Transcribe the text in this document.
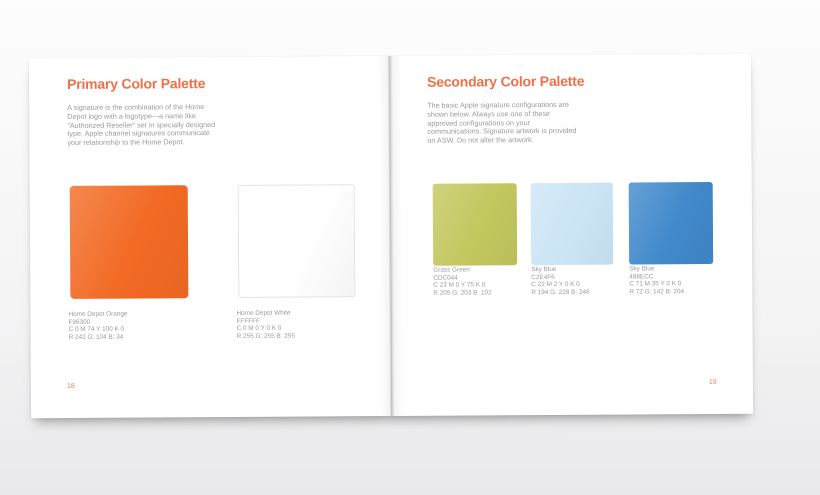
Primary Color Palette

A signature is the combination of the Home Depot logo with a logotype—a name like "Authorized Reseller" set in specially designed type. Apple channel signatures communicate your relationship to the Home Depot.

Home Depot Orange
F96300
C 0 M 74 Y 100 K 0
R 242 G: 104 B: 34
Home Depot White
FFFFFF
C 0 M 0 Y 0 K 0
R 255 G: 255 B: 255
18
Secondary Color Palette

The basic Apple signature configurations are shown below. Always use one of these approved configurations on your communications. Signature artwork is provided on ASW. Do not alter the artwork.

Grass Green
CDC044
C 23 M 0 Y 75 K 0
R 205 G: 203 B: 102
Sky Blue
C2E4F6
C 22 M 2 Y 0 K 0
R 194 G: 228 B: 246
Sky Blue
488ECC
C 71 M 35 Y 0 K 0
R 72 G: 142 B: 204
19
